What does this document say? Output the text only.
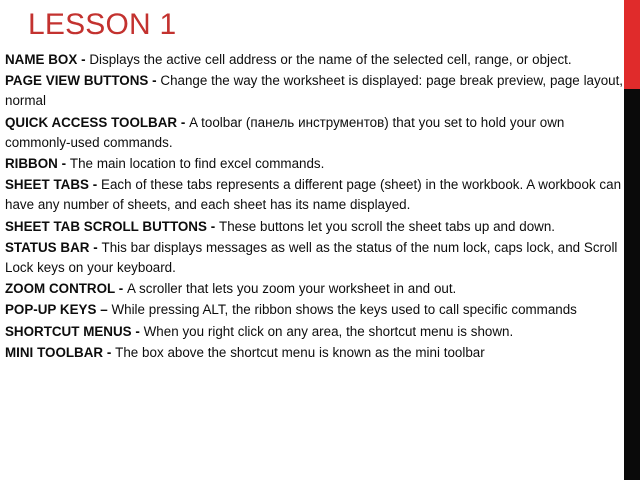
LESSON 1

NAME BOX - Displays the active cell address or the name of the selected cell, range, or object.

PAGE VIEW BUTTONS - Change the way the worksheet is displayed: page break preview, page layout, normal

QUICK ACCESS TOOLBAR - A toolbar (панель инструментов) that you set to hold your own commonly-used commands.

RIBBON - The main location to find excel commands.

SHEET TABS - Each of these tabs represents a different page (sheet) in the workbook. A workbook can have any number of sheets, and each sheet has its name displayed.

SHEET TAB SCROLL BUTTONS - These buttons let you scroll the sheet tabs up and down.

STATUS BAR - This bar displays messages as well as the status of the num lock, caps lock, and Scroll Lock keys on your keyboard.

ZOOM CONTROL - A scroller that lets you zoom your worksheet in and out.

POP-UP KEYS – While pressing ALT, the ribbon shows the keys used to call specific commands

SHORTCUT MENUS - When you right click on any area, the shortcut menu is shown.

MINI TOOLBAR - The box above the shortcut menu is known as the mini toolbar
